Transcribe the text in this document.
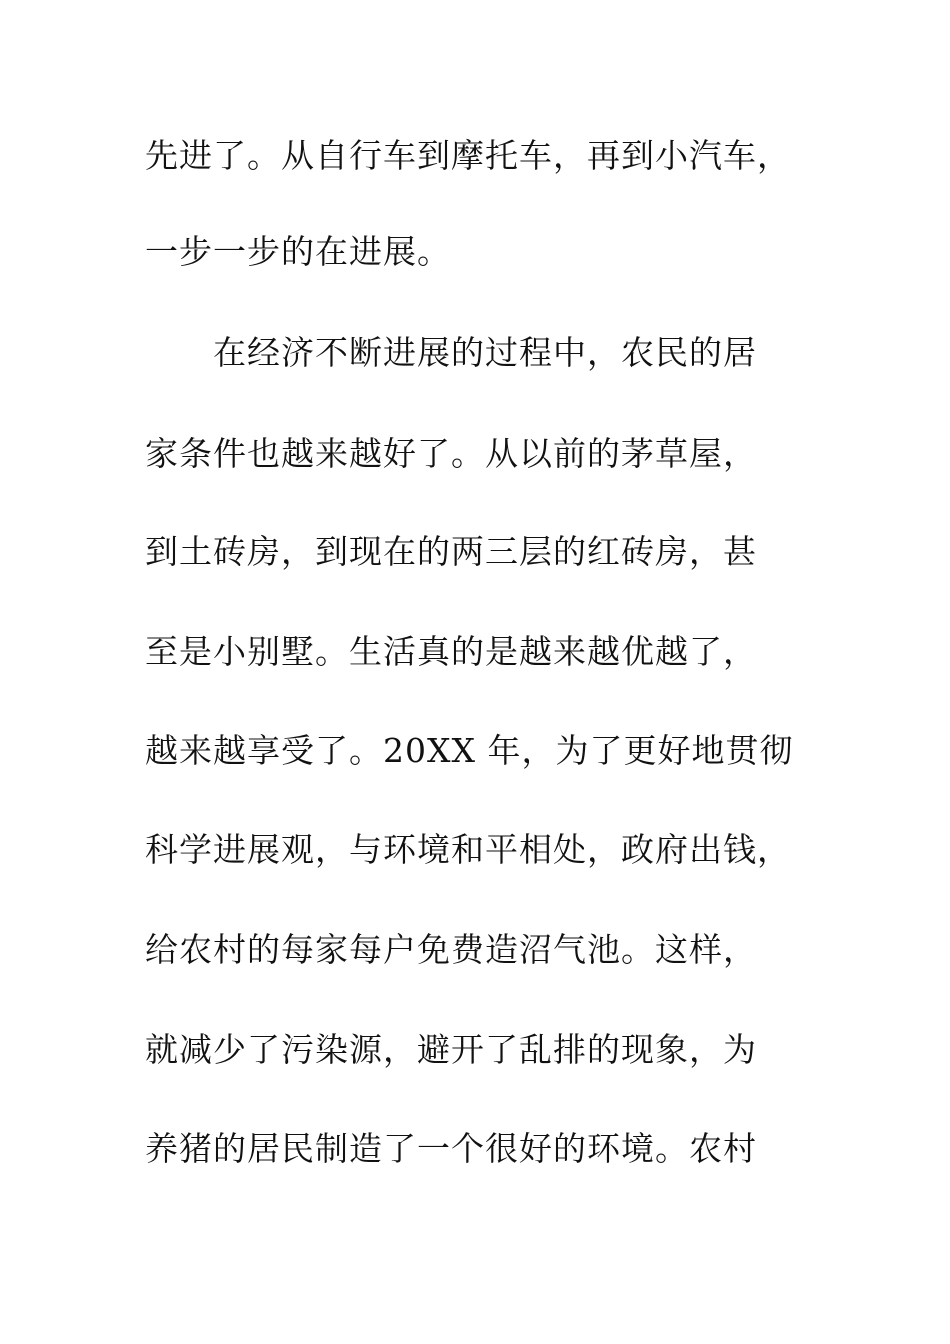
先进了。从自行车到摩托车，再到小汽车，
一步一步的在进展。
在经济不断进展的过程中，农民的居
家条件也越来越好了。从以前的茅草屋，
到土砖房，到现在的两三层的红砖房，甚
至是小别墅。生活真的是越来越优越了，
越来越享受了。20XX 年，为了更好地贯彻
科学进展观，与环境和平相处，政府出钱，
给农村的每家每户免费造沼气池。这样，
就减少了污染源，避开了乱排的现象，为
养猪的居民制造了一个很好的环境。农村
